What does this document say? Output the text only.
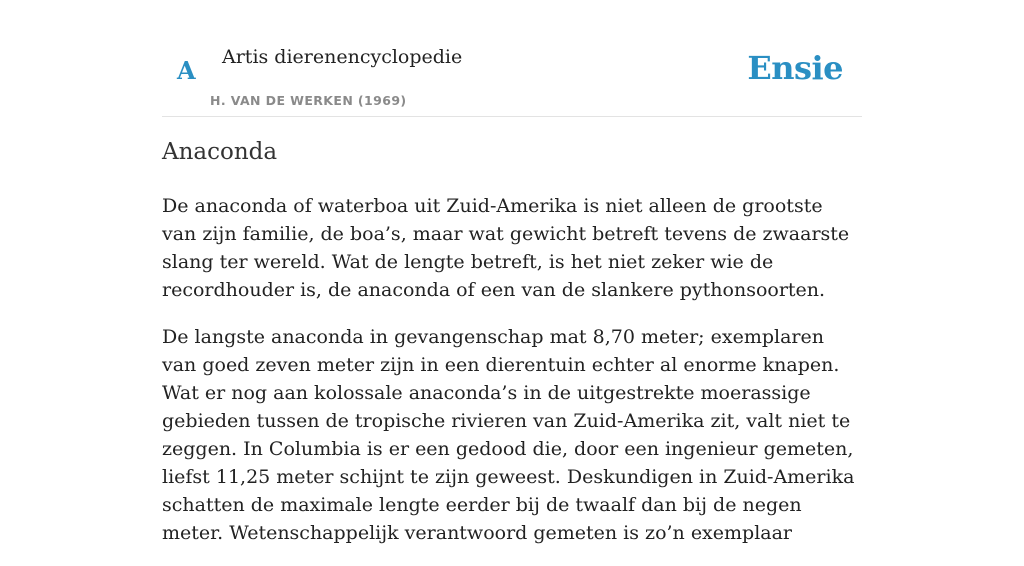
A Artis dierenencyclopedie
H. VAN DE WERKEN (1969)
Ensie
Anaconda

De anaconda of waterboa uit Zuid-Amerika is niet alleen de grootste van zijn familie, de boa’s, maar wat gewicht betreft tevens de zwaarste slang ter wereld. Wat de lengte betreft, is het niet zeker wie de recordhouder is, de anaconda of een van de slankere pythonsoorten.

De langste anaconda in gevangenschap mat 8,70 meter; exemplaren van goed zeven meter zijn in een dierentuin echter al enorme knapen. Wat er nog aan kolossale anaconda’s in de uitgestrekte moerassige gebieden tussen de tropische rivieren van Zuid-Amerika zit, valt niet te zeggen. In Columbia is er een gedood die, door een ingenieur gemeten, liefst 11,25 meter schijnt te zijn geweest. Deskundigen in Zuid-Amerika schatten de maximale lengte eerder bij de twaalf dan bij de negen meter. Wetenschappelijk verantwoord gemeten is zo’n exemplaar
